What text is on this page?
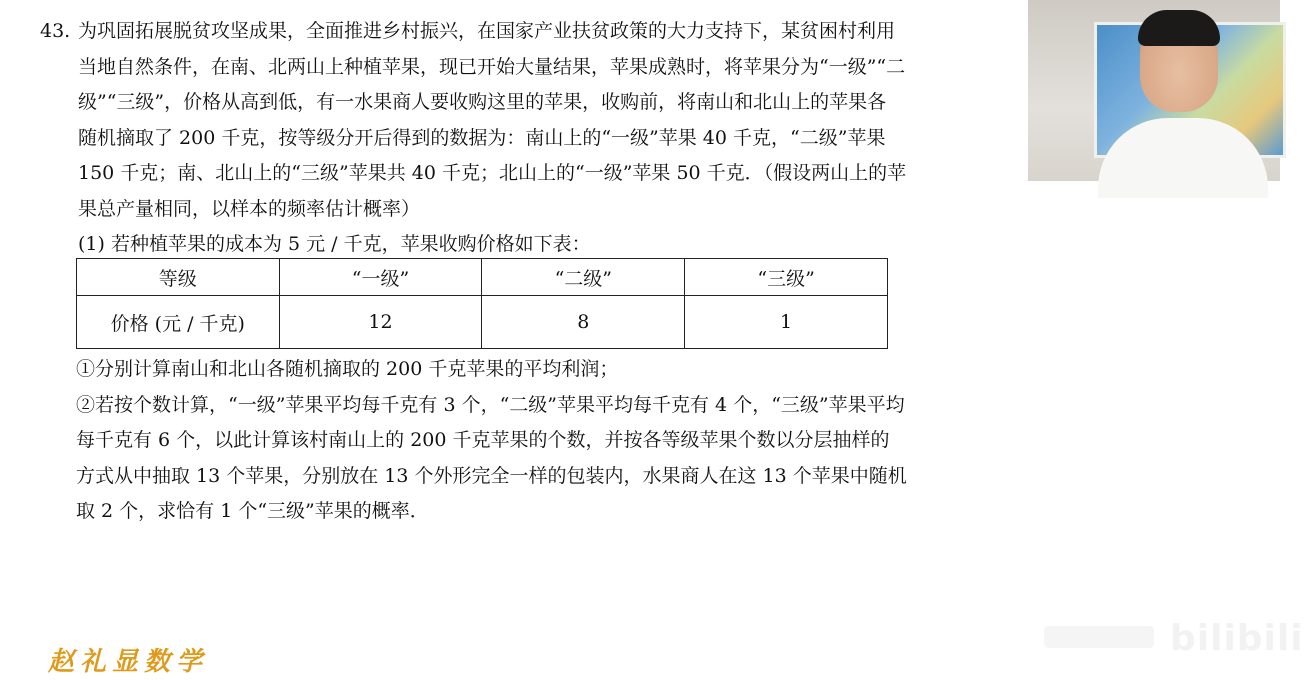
43. 为巩固拓展脱贫攻坚成果，全面推进乡村振兴，在国家产业扶贫政策的大力支持下，某贫困村利用

当地自然条件，在南、北两山上种植苹果，现已开始大量结果，苹果成熟时，将苹果分为“一级”“二

级”“三级”，价格从高到低，有一水果商人要收购这里的苹果，收购前，将南山和北山上的苹果各

随机摘取了 200 千克，按等级分开后得到的数据为：南山上的“一级”苹果 40 千克，“二级”苹果

150 千克；南、北山上的“三级”苹果共 40 千克；北山上的“一级”苹果 50 千克．（假设两山上的苹

果总产量相同，以样本的频率估计概率）

(1) 若种植苹果的成本为 5 元 / 千克，苹果收购价格如下表：

等级	“一级”	“二级”	“三级”
价格 (元 / 千克)	12	8	1

①分别计算南山和北山各随机摘取的 200 千克苹果的平均利润；

②若按个数计算，“一级”苹果平均每千克有 3 个，“二级”苹果平均每千克有 4 个，“三级”苹果平均

每千克有 6 个，以此计算该村南山上的 200 千克苹果的个数，并按各等级苹果个数以分层抽样的

方式从中抽取 13 个苹果，分别放在 13 个外形完全一样的包装内，水果商人在这 13 个苹果中随机

取 2 个，求恰有 1 个“三级”苹果的概率．

赵礼显数学
bilibili
